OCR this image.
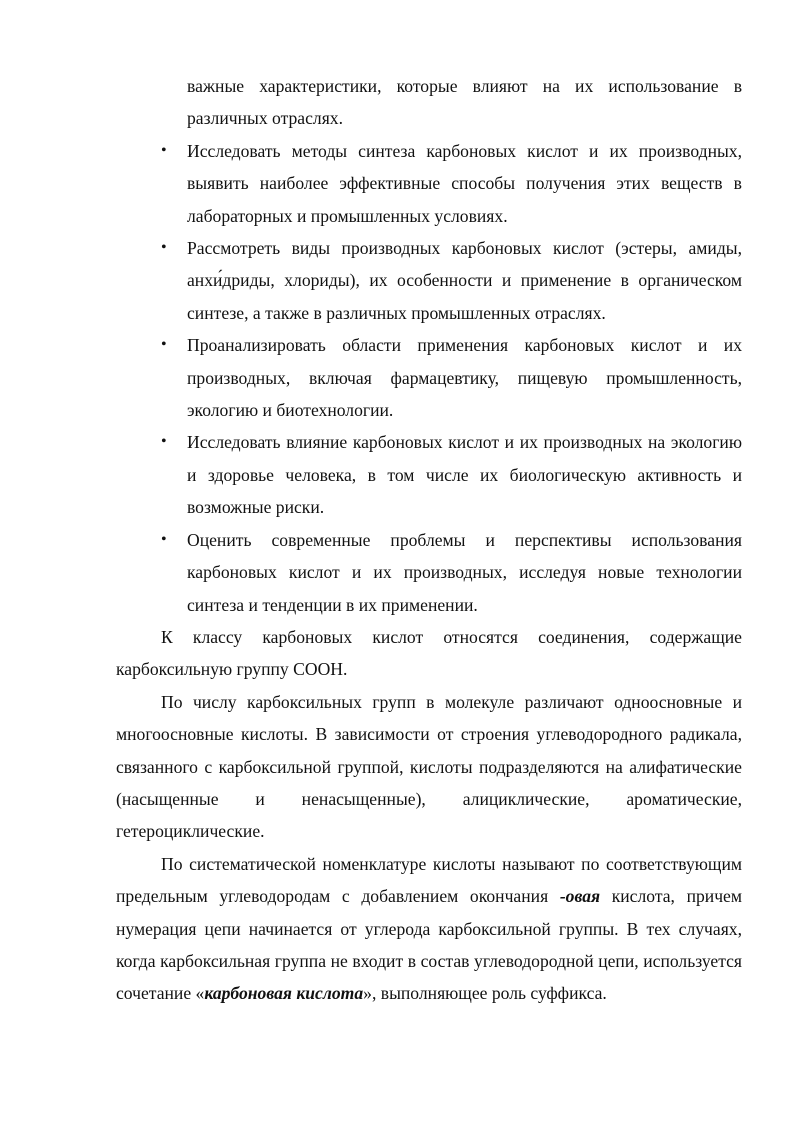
важные характеристики, которые влияют на их использование в различных отраслях.
• Исследовать методы синтеза карбоновых кислот и их производных, выявить наиболее эффективные способы получения этих веществ в лабораторных и промышленных условиях.
• Рассмотреть виды производных карбоновых кислот (эстеры, амиды, анхи́дриды, хлориды), их особенности и применение в органическом синтезе, а также в различных промышленных отраслях.
• Проанализировать области применения карбоновых кислот и их производных, включая фармацевтику, пищевую промышленность, экологию и биотехнологии.
• Исследовать влияние карбоновых кислот и их производных на экологию и здоровье человека, в том числе их биологическую активность и возможные риски.
• Оценить современные проблемы и перспективы использования карбоновых кислот и их производных, исследуя новые технологии синтеза и тенденции в их применении.

К классу карбоновых кислот относятся соединения, содержащие карбоксильную группу СООН.

По числу карбоксильных групп в молекуле различают одноосновные и многоосновные кислоты. В зависимости от строения углеводородного радикала, связанного с карбоксильной группой, кислоты подразделяются на алифатические (насыщенные и ненасыщенные), алициклические, ароматические, гетероциклические.

По систематической номенклатуре кислоты называют по соответствующим предельным углеводородам с добавлением окончания -овая кислота, причем нумерация цепи начинается от углерода карбоксильной группы. В тех случаях, когда карбоксильная группа не входит в состав углеводородной цепи, используется сочетание «карбоновая кислота», выполняющее роль суффикса.
